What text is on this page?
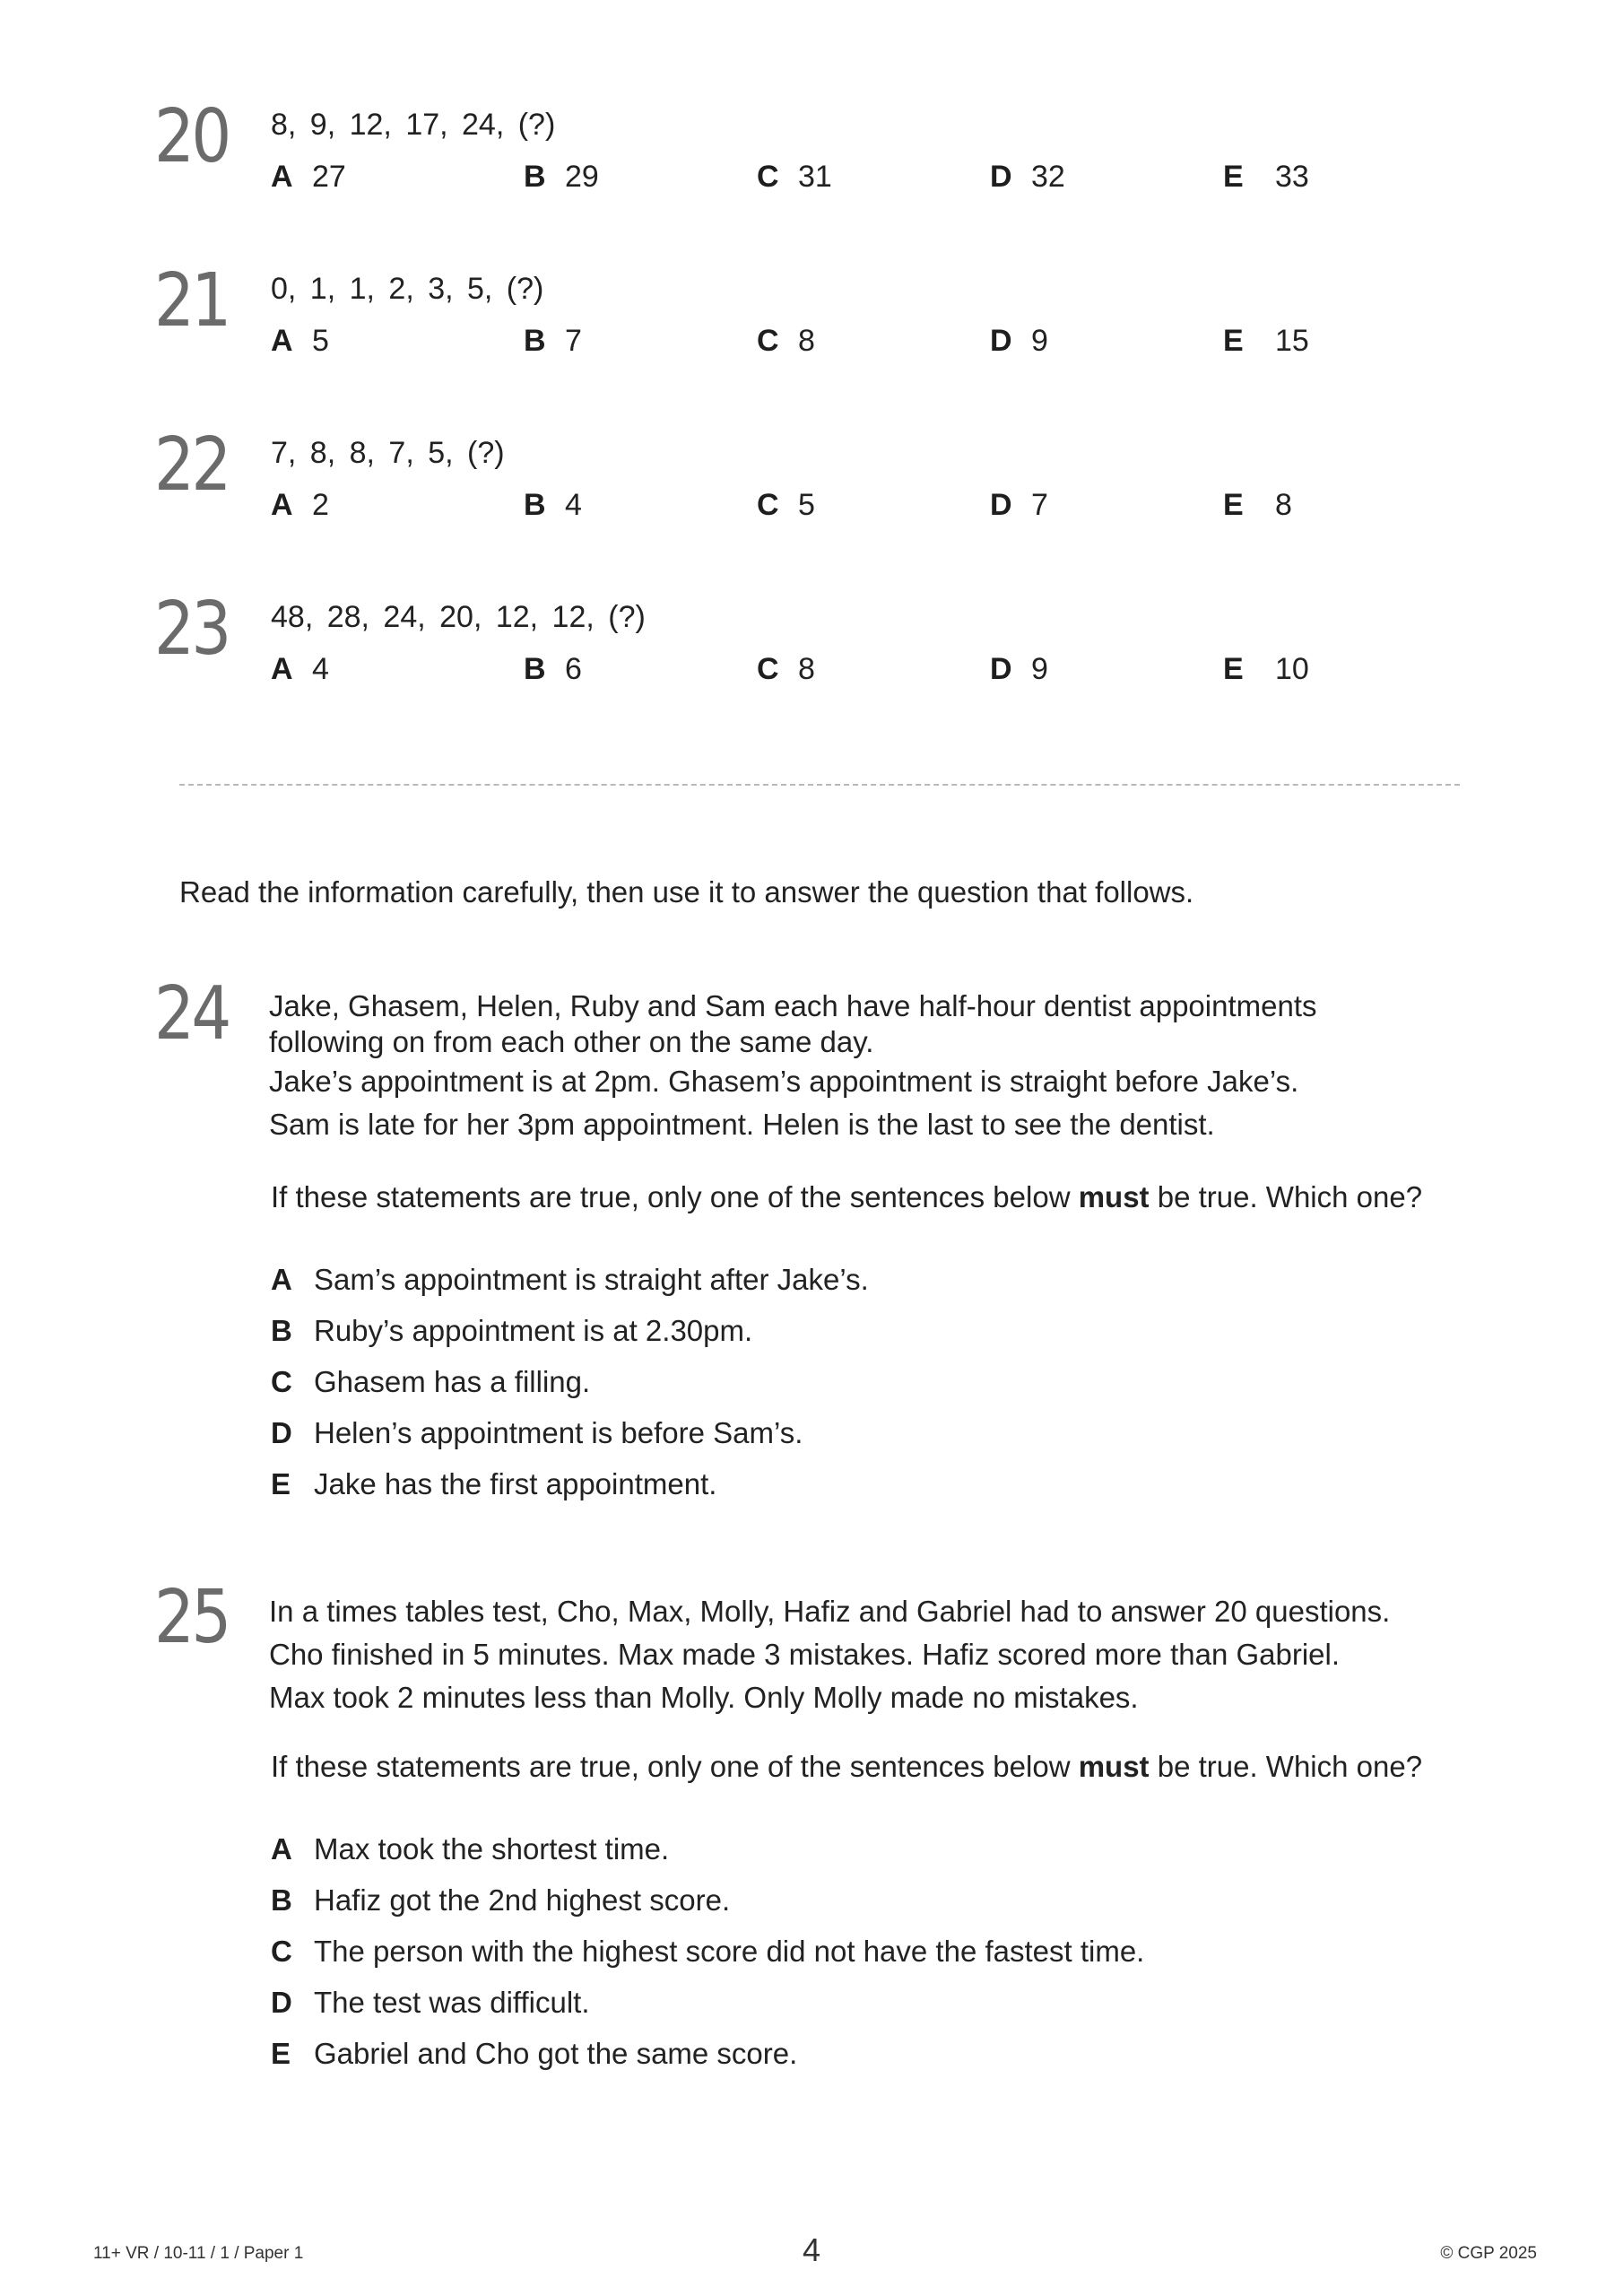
20 8, 9, 12, 17, 24, (?)
A 27	B 29	C 31	D 32	E 33
21 0, 1, 1, 2, 3, 5, (?)
A 5	B 7	C 8	D 9	E 15
22 7, 8, 8, 7, 5, (?)
A 2	B 4	C 5	D 7	E 8
23 48, 28, 24, 20, 12, 12, (?)
A 4	B 6	C 8	D 9	E 10
Read the information carefully, then use it to answer the question that follows.
24 Jake, Ghasem, Helen, Ruby and Sam each have half-hour dentist appointments
following on from each other on the same day.
Jake’s appointment is at 2pm. Ghasem’s appointment is straight before Jake’s.
Sam is late for her 3pm appointment. Helen is the last to see the dentist.
If these statements are true, only one of the sentences below must be true. Which one?
A Sam’s appointment is straight after Jake’s.
B Ruby’s appointment is at 2.30pm.
C Ghasem has a filling.
D Helen’s appointment is before Sam’s.
E Jake has the first appointment.
25 In a times tables test, Cho, Max, Molly, Hafiz and Gabriel had to answer 20 questions.
Cho finished in 5 minutes. Max made 3 mistakes. Hafiz scored more than Gabriel.
Max took 2 minutes less than Molly. Only Molly made no mistakes.
If these statements are true, only one of the sentences below must be true. Which one?
A Max took the shortest time.
B Hafiz got the 2nd highest score.
C The person with the highest score did not have the fastest time.
D The test was difficult.
E Gabriel and Cho got the same score.
11+ VR / 10-11 / 1 / Paper 1	4	© CGP 2025
